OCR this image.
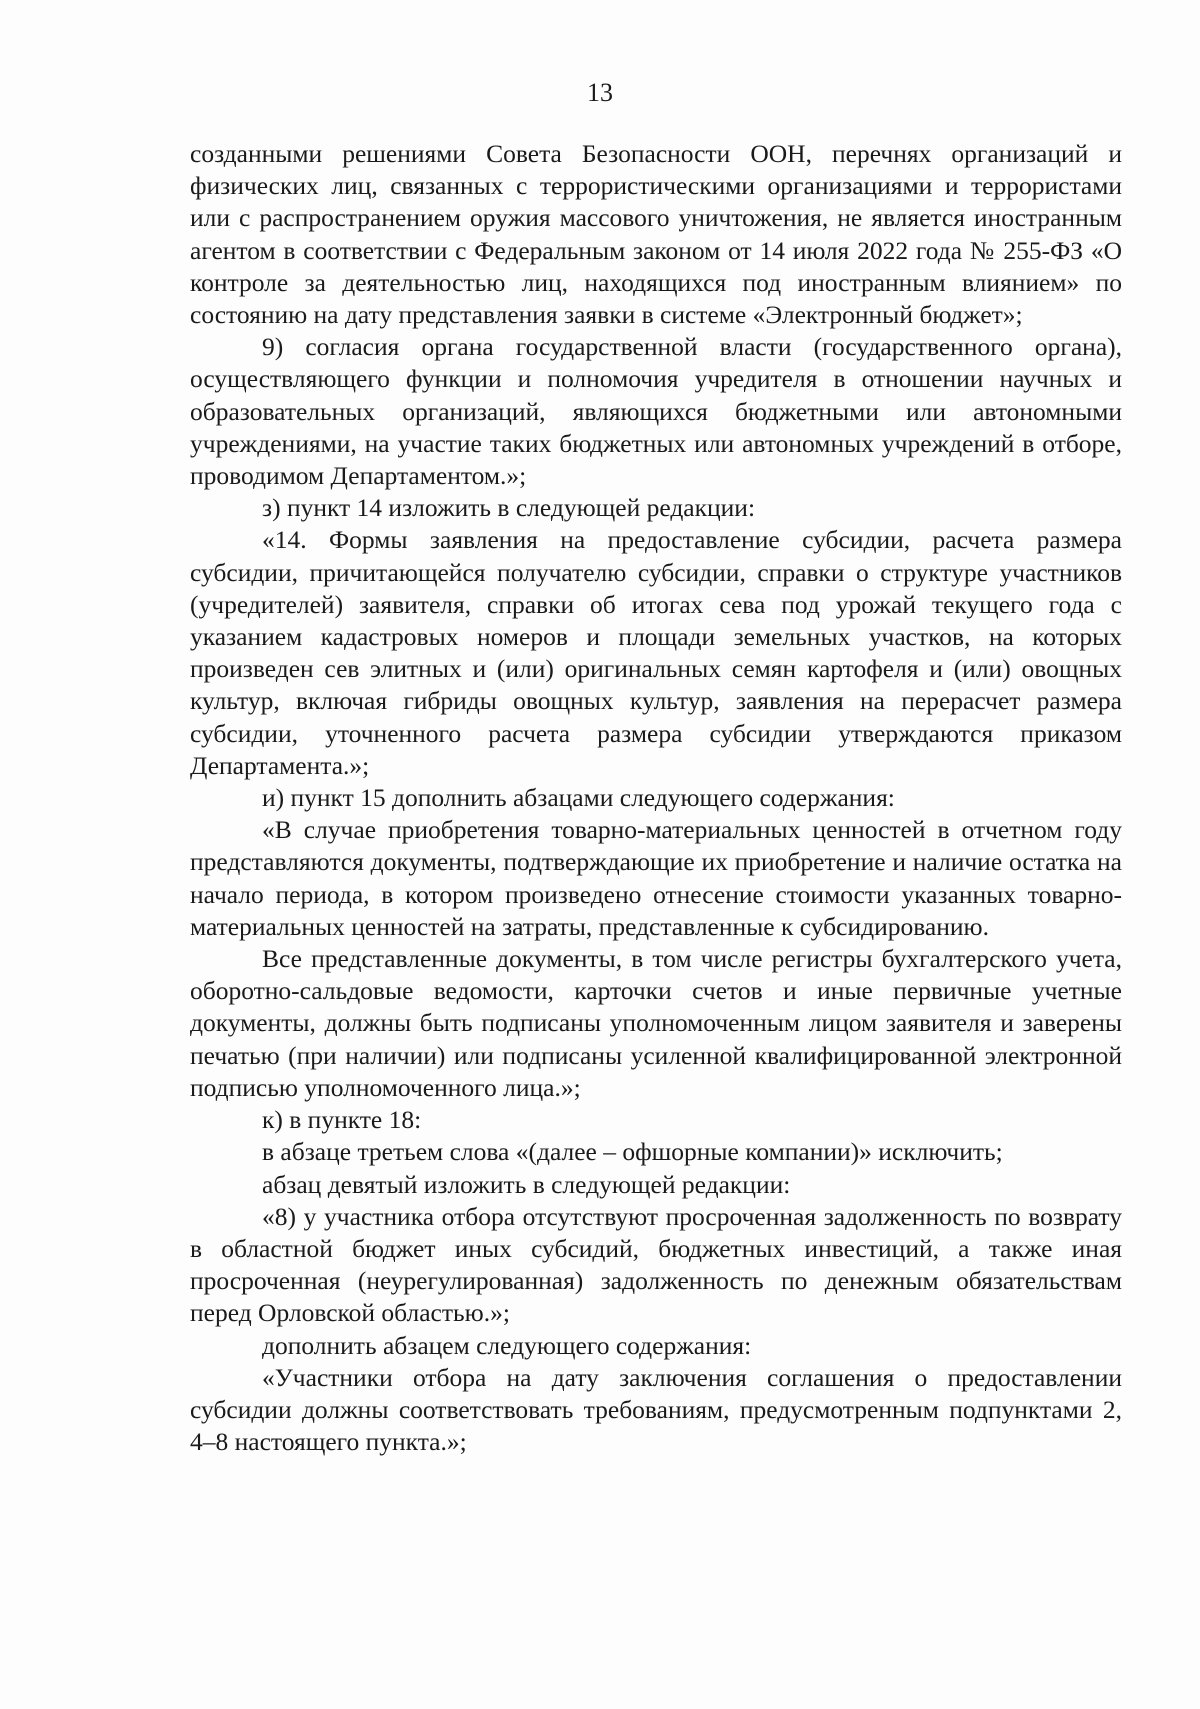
13

созданными решениями Совета Безопасности ООН, перечнях организаций и физических лиц, связанных с террористическими организациями и террористами или с распространением оружия массового уничтожения, не является иностранным агентом в соответствии с Федеральным законом от 14 июля 2022 года № 255-ФЗ «О контроле за деятельностью лиц, находящихся под иностранным влиянием» по состоянию на дату представления заявки в системе «Электронный бюджет»;

9) согласия органа государственной власти (государственного органа), осуществляющего функции и полномочия учредителя в отношении научных и образовательных организаций, являющихся бюджетными или автономными учреждениями, на участие таких бюджетных или автономных учреждений в отборе, проводимом Департаментом.»;

з) пункт 14 изложить в следующей редакции:

«14. Формы заявления на предоставление субсидии, расчета размера субсидии, причитающейся получателю субсидии, справки о структуре участников (учредителей) заявителя, справки об итогах сева под урожай текущего года с указанием кадастровых номеров и площади земельных участков, на которых произведен сев элитных и (или) оригинальных семян картофеля и (или) овощных культур, включая гибриды овощных культур, заявления на перерасчет размера субсидии, уточненного расчета размера субсидии утверждаются приказом Департамента.»;

и) пункт 15 дополнить абзацами следующего содержания:

«В случае приобретения товарно-материальных ценностей в отчетном году представляются документы, подтверждающие их приобретение и наличие остатка на начало периода, в котором произведено отнесение стоимости указанных товарно-материальных ценностей на затраты, представленные к субсидированию.

Все представленные документы, в том числе регистры бухгалтерского учета, оборотно-сальдовые ведомости, карточки счетов и иные первичные учетные документы, должны быть подписаны уполномоченным лицом заявителя и заверены печатью (при наличии) или подписаны усиленной квалифицированной электронной подписью уполномоченного лица.»;

к) в пункте 18:

в абзаце третьем слова «(далее – офшорные компании)» исключить;

абзац девятый изложить в следующей редакции:

«8) у участника отбора отсутствуют просроченная задолженность по возврату в областной бюджет иных субсидий, бюджетных инвестиций, а также иная просроченная (неурегулированная) задолженность по денежным обязательствам перед Орловской областью.»;

дополнить абзацем следующего содержания:

«Участники отбора на дату заключения соглашения о предоставлении субсидии должны соответствовать требованиям, предусмотренным подпунктами 2, 4–8 настоящего пункта.»;
